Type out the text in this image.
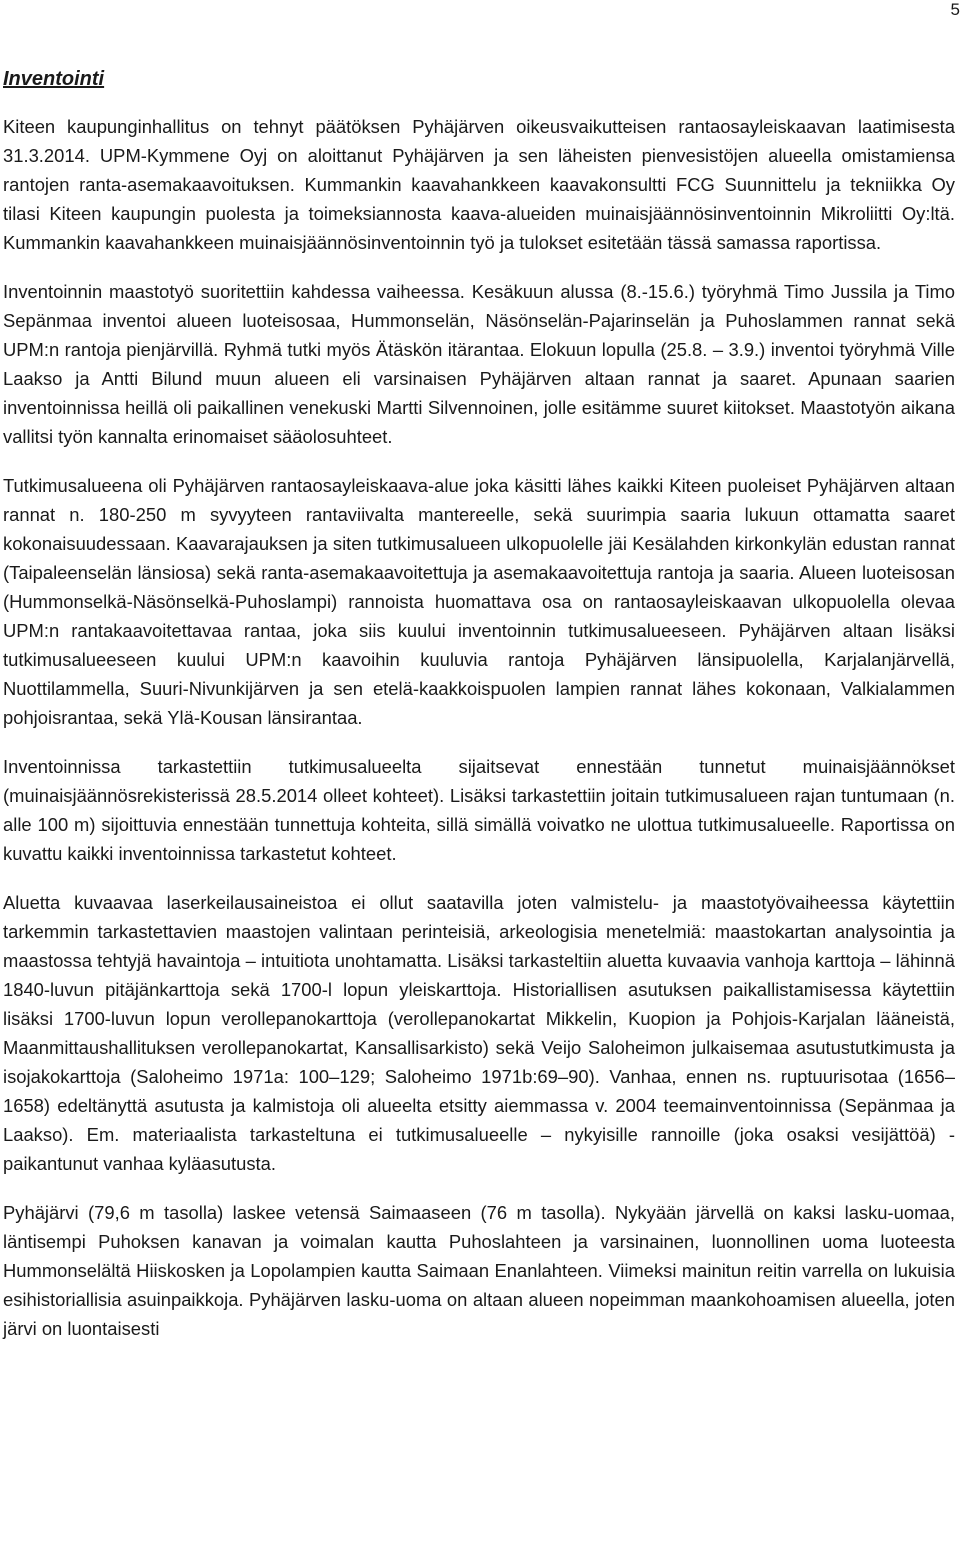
5
Inventointi

Kiteen kaupunginhallitus on tehnyt päätöksen Pyhäjärven oikeusvaikutteisen rantaosayleiskaavan laatimisesta 31.3.2014. UPM-Kymmene Oyj on aloittanut Pyhäjärven ja sen läheisten pienvesistöjen alueella omistamiensa rantojen ranta-asemakaavoituksen. Kummankin kaavahankkeen kaavakonsultti FCG Suunnittelu ja tekniikka Oy tilasi Kiteen kaupungin puolesta ja toimeksiannosta kaava-alueiden muinaisjäännösinventoinnin Mikroliitti Oy:ltä. Kummankin kaavahankkeen muinaisjäännösinventoinnin työ ja tulokset esitetään tässä samassa raportissa.

Inventoinnin maastotyö suoritettiin kahdessa vaiheessa. Kesäkuun alussa (8.-15.6.) työryhmä Timo Jussila ja Timo Sepänmaa inventoi alueen luoteisosaa, Hummonselän, Näsönselän-Pajarinselän ja Puhoslammen rannat sekä UPM:n rantoja pienjärvillä. Ryhmä tutki myös Ätäskön itärantaa. Elokuun lopulla (25.8. – 3.9.) inventoi työryhmä Ville Laakso ja Antti Bilund muun alueen eli varsinaisen Pyhäjärven altaan rannat ja saaret. Apunaan saarien inventoinnissa heillä oli paikallinen venekuski Martti Silvennoinen, jolle esitämme suuret kiitokset. Maastotyön aikana vallitsi työn kannalta erinomaiset sääolosuhteet.

Tutkimusalueena oli Pyhäjärven rantaosayleiskaava-alue joka käsitti lähes kaikki Kiteen puoleiset Pyhäjärven altaan rannat n. 180-250 m syvyyteen rantaviivalta mantereelle, sekä suurimpia saaria lukuun ottamatta saaret kokonaisuudessaan. Kaavarajauksen ja siten tutkimusalueen ulkopuolelle jäi Kesälahden kirkonkylän edustan rannat (Taipaleenselän länsiosa) sekä ranta-asemakaavoitettuja ja asemakaavoitettuja rantoja ja saaria. Alueen luoteisosan (Hummonselkä-Näsönselkä-Puhoslampi) rannoista huomattava osa on rantaosayleiskaavan ulkopuolella olevaa UPM:n rantakaavoitettavaa rantaa, joka siis kuului inventoinnin tutkimusalueeseen. Pyhäjärven altaan lisäksi tutkimusalueeseen kuului UPM:n kaavoihin kuuluvia rantoja Pyhäjärven länsipuolella, Karjalanjärvellä, Nuottilammella, Suuri-Nivunkijärven ja sen etelä-kaakkoispuolen lampien rannat lähes kokonaan, Valkialammen pohjoisrantaa, sekä Ylä-Kousan länsirantaa.

Inventoinnissa tarkastettiin tutkimusalueelta sijaitsevat ennestään tunnetut muinaisjäännökset (muinaisjäännösrekisterissä 28.5.2014 olleet kohteet). Lisäksi tarkastettiin joitain tutkimusalueen rajan tuntumaan (n. alle 100 m) sijoittuvia ennestään tunnettuja kohteita, sillä simällä voivatko ne ulottua tutkimusalueelle. Raportissa on kuvattu kaikki inventoinnissa tarkastetut kohteet.

Aluetta kuvaavaa laserkeilausaineistoa ei ollut saatavilla joten valmistelu- ja maastotyövaiheessa käytettiin tarkemmin tarkastettavien maastojen valintaan perinteisiä, arkeologisia menetelmiä: maastokartan analysointia ja maastossa tehtyjä havaintoja – intuitiota unohtamatta. Lisäksi tarkasteltiin aluetta kuvaavia vanhoja karttoja – lähinnä 1840-luvun pitäjänkarttoja sekä 1700-l lopun yleiskarttoja. Historiallisen asutuksen paikallistamisessa käytettiin lisäksi 1700-luvun lopun verollepanokarttoja (verollepanokartat Mikkelin, Kuopion ja Pohjois-Karjalan lääneistä, Maanmittaushallituksen verollepanokartat, Kansallisarkisto) sekä Veijo Saloheimon julkaisemaa asutustutkimusta ja isojakokarttoja (Saloheimo 1971a: 100–129; Saloheimo 1971b:69–90). Vanhaa, ennen ns. ruptuurisotaa (1656–1658) edeltänyttä asutusta ja kalmistoja oli alueelta etsitty aiemmassa v. 2004 teemainventoinnissa (Sepänmaa ja Laakso). Em. materiaalista tarkasteltuna ei tutkimusalueelle – nykyisille rannoille (joka osaksi vesijättöä) - paikantunut vanhaa kyläasutusta.

Pyhäjärvi (79,6 m tasolla) laskee vetensä Saimaaseen (76 m tasolla). Nykyään järvellä on kaksi lasku-uomaa, läntisempi Puhoksen kanavan ja voimalan kautta Puhoslahteen ja varsinainen, luonnollinen uoma luoteesta Hummonselältä Hiiskosken ja Lopolampien kautta Saimaan Enanlahteen. Viimeksi mainitun reitin varrella on lukuisia esihistoriallisia asuinpaikkoja. Pyhäjärven lasku-uoma on altaan alueen nopeimman maankohoamisen alueella, joten järvi on luontaisesti
